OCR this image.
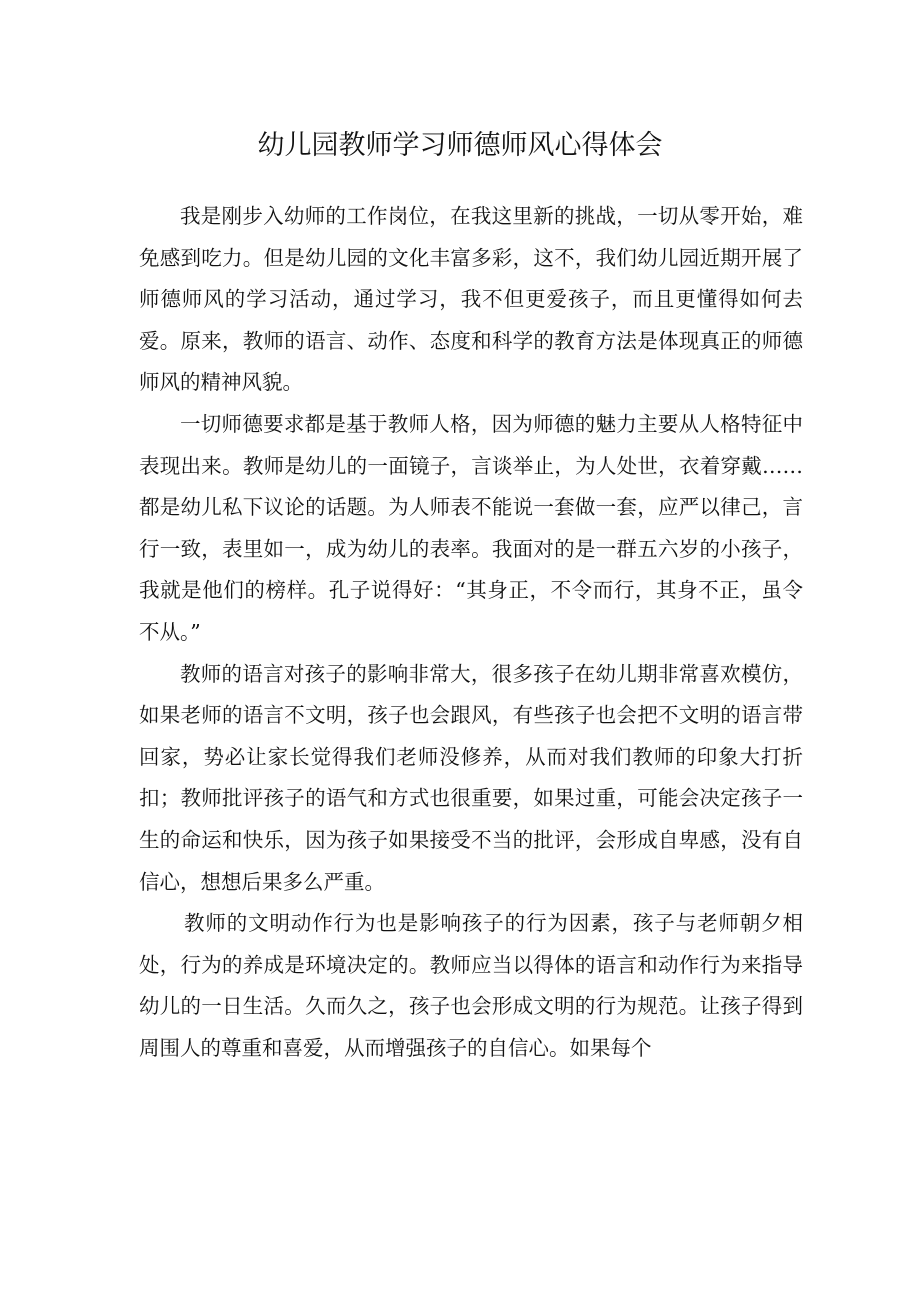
幼儿园教师学习师德师风心得体会

我是刚步入幼师的工作岗位，在我这里新的挑战，一切从零开始，难免感到吃力。但是幼儿园的文化丰富多彩，这不，我们幼儿园近期开展了师德师风的学习活动，通过学习，我不但更爱孩子，而且更懂得如何去爱。原来，教师的语言、动作、态度和科学的教育方法是体现真正的师德师风的精神风貌。

一切师德要求都是基于教师人格，因为师德的魅力主要从人格特征中表现出来。教师是幼儿的一面镜子，言谈举止，为人处世，衣着穿戴……都是幼儿私下议论的话题。为人师表不能说一套做一套，应严以律己，言行一致，表里如一，成为幼儿的表率。我面对的是一群五六岁的小孩子，我就是他们的榜样。孔子说得好：“其身正，不令而行，其身不正，虽令不从。”

教师的语言对孩子的影响非常大，很多孩子在幼儿期非常喜欢模仿，如果老师的语言不文明，孩子也会跟风，有些孩子也会把不文明的语言带回家，势必让家长觉得我们老师没修养，从而对我们教师的印象大打折扣；教师批评孩子的语气和方式也很重要，如果过重，可能会决定孩子一生的命运和快乐，因为孩子如果接受不当的批评，会形成自卑感，没有自信心，想想后果多么严重。

教师的文明动作行为也是影响孩子的行为因素，孩子与老师朝夕相处，行为的养成是环境决定的。教师应当以得体的语言和动作行为来指导幼儿的一日生活。久而久之，孩子也会形成文明的行为规范。让孩子得到周围人的尊重和喜爱，从而增强孩子的自信心。如果每个
